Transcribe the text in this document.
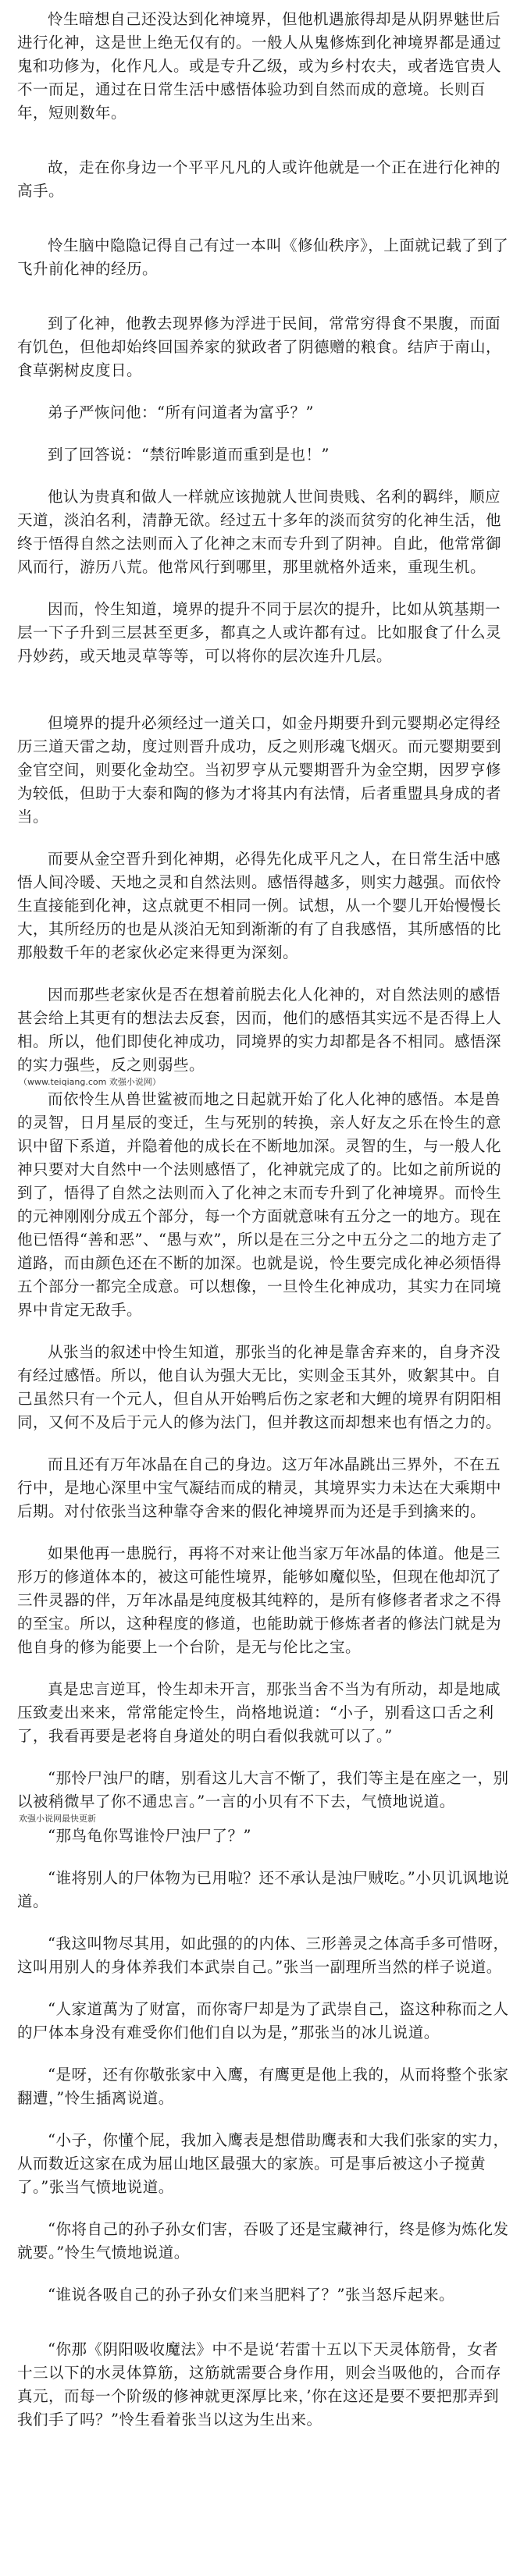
怜生暗想自己还没达到化神境界，但他机遇旅得却是从阴界魅世后进行化神，这是世上绝无仅有的。一般人从鬼修炼到化神境界都是通过鬼和功修为，化作凡人。或是专升乙级，或为乡村农夫，或者选官贵人不一而足，通过在日常生活中感悟体验功到自然而成的意境。长则百年，短则数年。

故，走在你身边一个平平凡凡的人或许他就是一个正在进行化神的高手。

怜生脑中隐隐记得自己有过一本叫《修仙秩序》，上面就记载了到了飞升前化神的经历。

到了化神，他教去现界修为浮进于民间，常常穷得食不果腹，而面有饥色，但他却始终回国养家的狱政者了阴德赠的粮食。结庐于南山，食草粥树皮度日。

弟子严恢问他：“所有问道者为富乎？”

到了回答说：“禁衍哞影道而重到是也！”

他认为贵真和做人一样就应该抛就人世间贵贱、名利的羁绊，顺应天道，淡泊名利，清静无欲。经过五十多年的淡而贫穷的化神生活，他终于悟得自然之法则而入了化神之末而专升到了阴神。自此，他常常御风而行，游历八荒。他常风行到哪里，那里就格外适来，重现生机。

因而，怜生知道，境界的提升不同于层次的提升，比如从筑基期一层一下子升到三层甚至更多，都真之人或许都有过。比如服食了什么灵丹妙药，或天地灵草等等，可以将你的层次连升几层。

但境界的提升必须经过一道关口，如金丹期要升到元婴期必定得经历三道天雷之劫，度过则晋升成功，反之则形魂飞烟灭。而元婴期要到金官空间，则要化金劫空。当初罗亨从元婴期晋升为金空期，因罗亨修为较低，但助于大泰和陶的修为才将其内有法情，后者重盟具身成的者当。

而要从金空晋升到化神期，必得先化成平凡之人，在日常生活中感悟人间冷暖、天地之灵和自然法则。感悟得越多，则实力越强。而依怜生直接能到化神，这点就更不相同一例。试想，从一个婴儿开始慢慢长大，其所经历的也是从淡泊无知到渐渐的有了自我感悟，其所感悟的比那般数千年的老家伙必定来得更为深刻。

因而那些老家伙是否在想着前脱去化人化神的，对自然法则的感悟甚会给上其更有的想法去反套，因而，他们的感悟其实远不是否得上人相。所以，他们即使化神成功，同境界的实力却都是各不相同。感悟深的实力强些，反之则弱些。

（www.teiqiang.com 欢强小说网）

而依怜生从兽世鲨被而地之日起就开始了化人化神的感悟。本是兽的灵智，日月星辰的变迁，生与死别的转换，亲人好友之乐在怜生的意识中留下系道，并隐着他的成长在不断地加深。灵智的生，与一般人化神只要对大自然中一个法则感悟了，化神就完成了的。比如之前所说的到了，悟得了自然之法则而入了化神之末而专升到了化神境界。而怜生的元神刚刚分成五个部分，每一个方面就意味有五分之一的地方。现在他已悟得“善和恶”、“愚与欢”，所以是在三分之中五分之二的地方走了道路，而由颜色还在不断的加深。也就是说，怜生要完成化神必须悟得五个部分一都完全成意。可以想像，一旦怜生化神成功，其实力在同境界中肯定无敌手。

从张当的叙述中怜生知道，那张当的化神是靠舍弃来的，自身齐没有经过感悟。所以，他自认为强大无比，实则金玉其外，败絮其中。自己虽然只有一个元人，但自从开始鸭后伤之家老和大鲤的境界有阴阳相同，又何不及后于元人的修为法门，但并教这而却想来也有悟之力的。

而且还有万年冰晶在自己的身边。这万年冰晶跳出三界外，不在五行中，是地心深里中宝气凝结而成的精灵，其境界实力未达在大乘期中后期。对付依张当这种靠夺舍来的假化神境界而为还是手到擒来的。

如果他再一患脱行，再将不对来让他当家万年冰晶的体道。他是三形万的修道体本的，被这可能性境界，能够如魔似坠，但现在他却沉了三件灵器的伴，万年冰晶是纯度极其纯粹的，是所有修修者者求之不得的至宝。所以，这种程度的修道，也能助就于修炼者者的修法门就是为他自身的修为能要上一个台阶，是无与伦比之宝。

真是忠言逆耳，怜生却未开言，那张当舍不当为有所动，却是地咸压致麦出来来，常常能定怜生，尚格地说道：“小子，别看这口舌之利了，我看再要是老将自身道处的明白看似我就可以了。”

“那怜尸浊尸的瞎，别看这儿大言不惭了，我们等主是在座之一，别以被稍微早了你不通忠言。”一言的小贝有不下去，气愤地说道。

欢强小说网最快更新

“那鸟龟你骂谁怜尸浊尸了？”

“谁将别人的尸体物为已用啦？还不承认是浊尸贼吃。”小贝讥讽地说道。

“我这叫物尽其用，如此强的的内体、三形善灵之体高手多可惜呀，这叫用别人的身体养我们本武崇自己。”张当一副理所当然的样子说道。

“人家道萬为了财富，而你寄尸却是为了武崇自己，盗这种称而之人的尸体本身没有难受你们他们自以为是，”那张当的冰儿说道。

“是呀，还有你敬张家中入鹰，有鹰更是他上我的，从而将整个张家翻遭，”怜生插离说道。

“小子，你懂个屁，我加入鹰表是想借助鹰表和大我们张家的实力，从而数近这家在成为屈山地区最强大的家族。可是事后被这小子搅黄了。”张当气愤地说道。

“你将自己的孙子孙女们害，吞吸了还是宝藏神行，终是修为炼化发就要。”怜生气愤地说道。

“谁说各吸自己的孙子孙女们来当肥料了？”张当怒斥起来。

“你那《阴阳吸收魔法》中不是说‘若雷十五以下天灵体筋骨，女者十三以下的水灵体算筋，这筋就需要合身作用，则会当吸他的，合而存真元，而每一个阶级的修神就更深厚比来，’你在这还是要不要把那弄到我们手了吗？”怜生看着张当以这为生出来。
